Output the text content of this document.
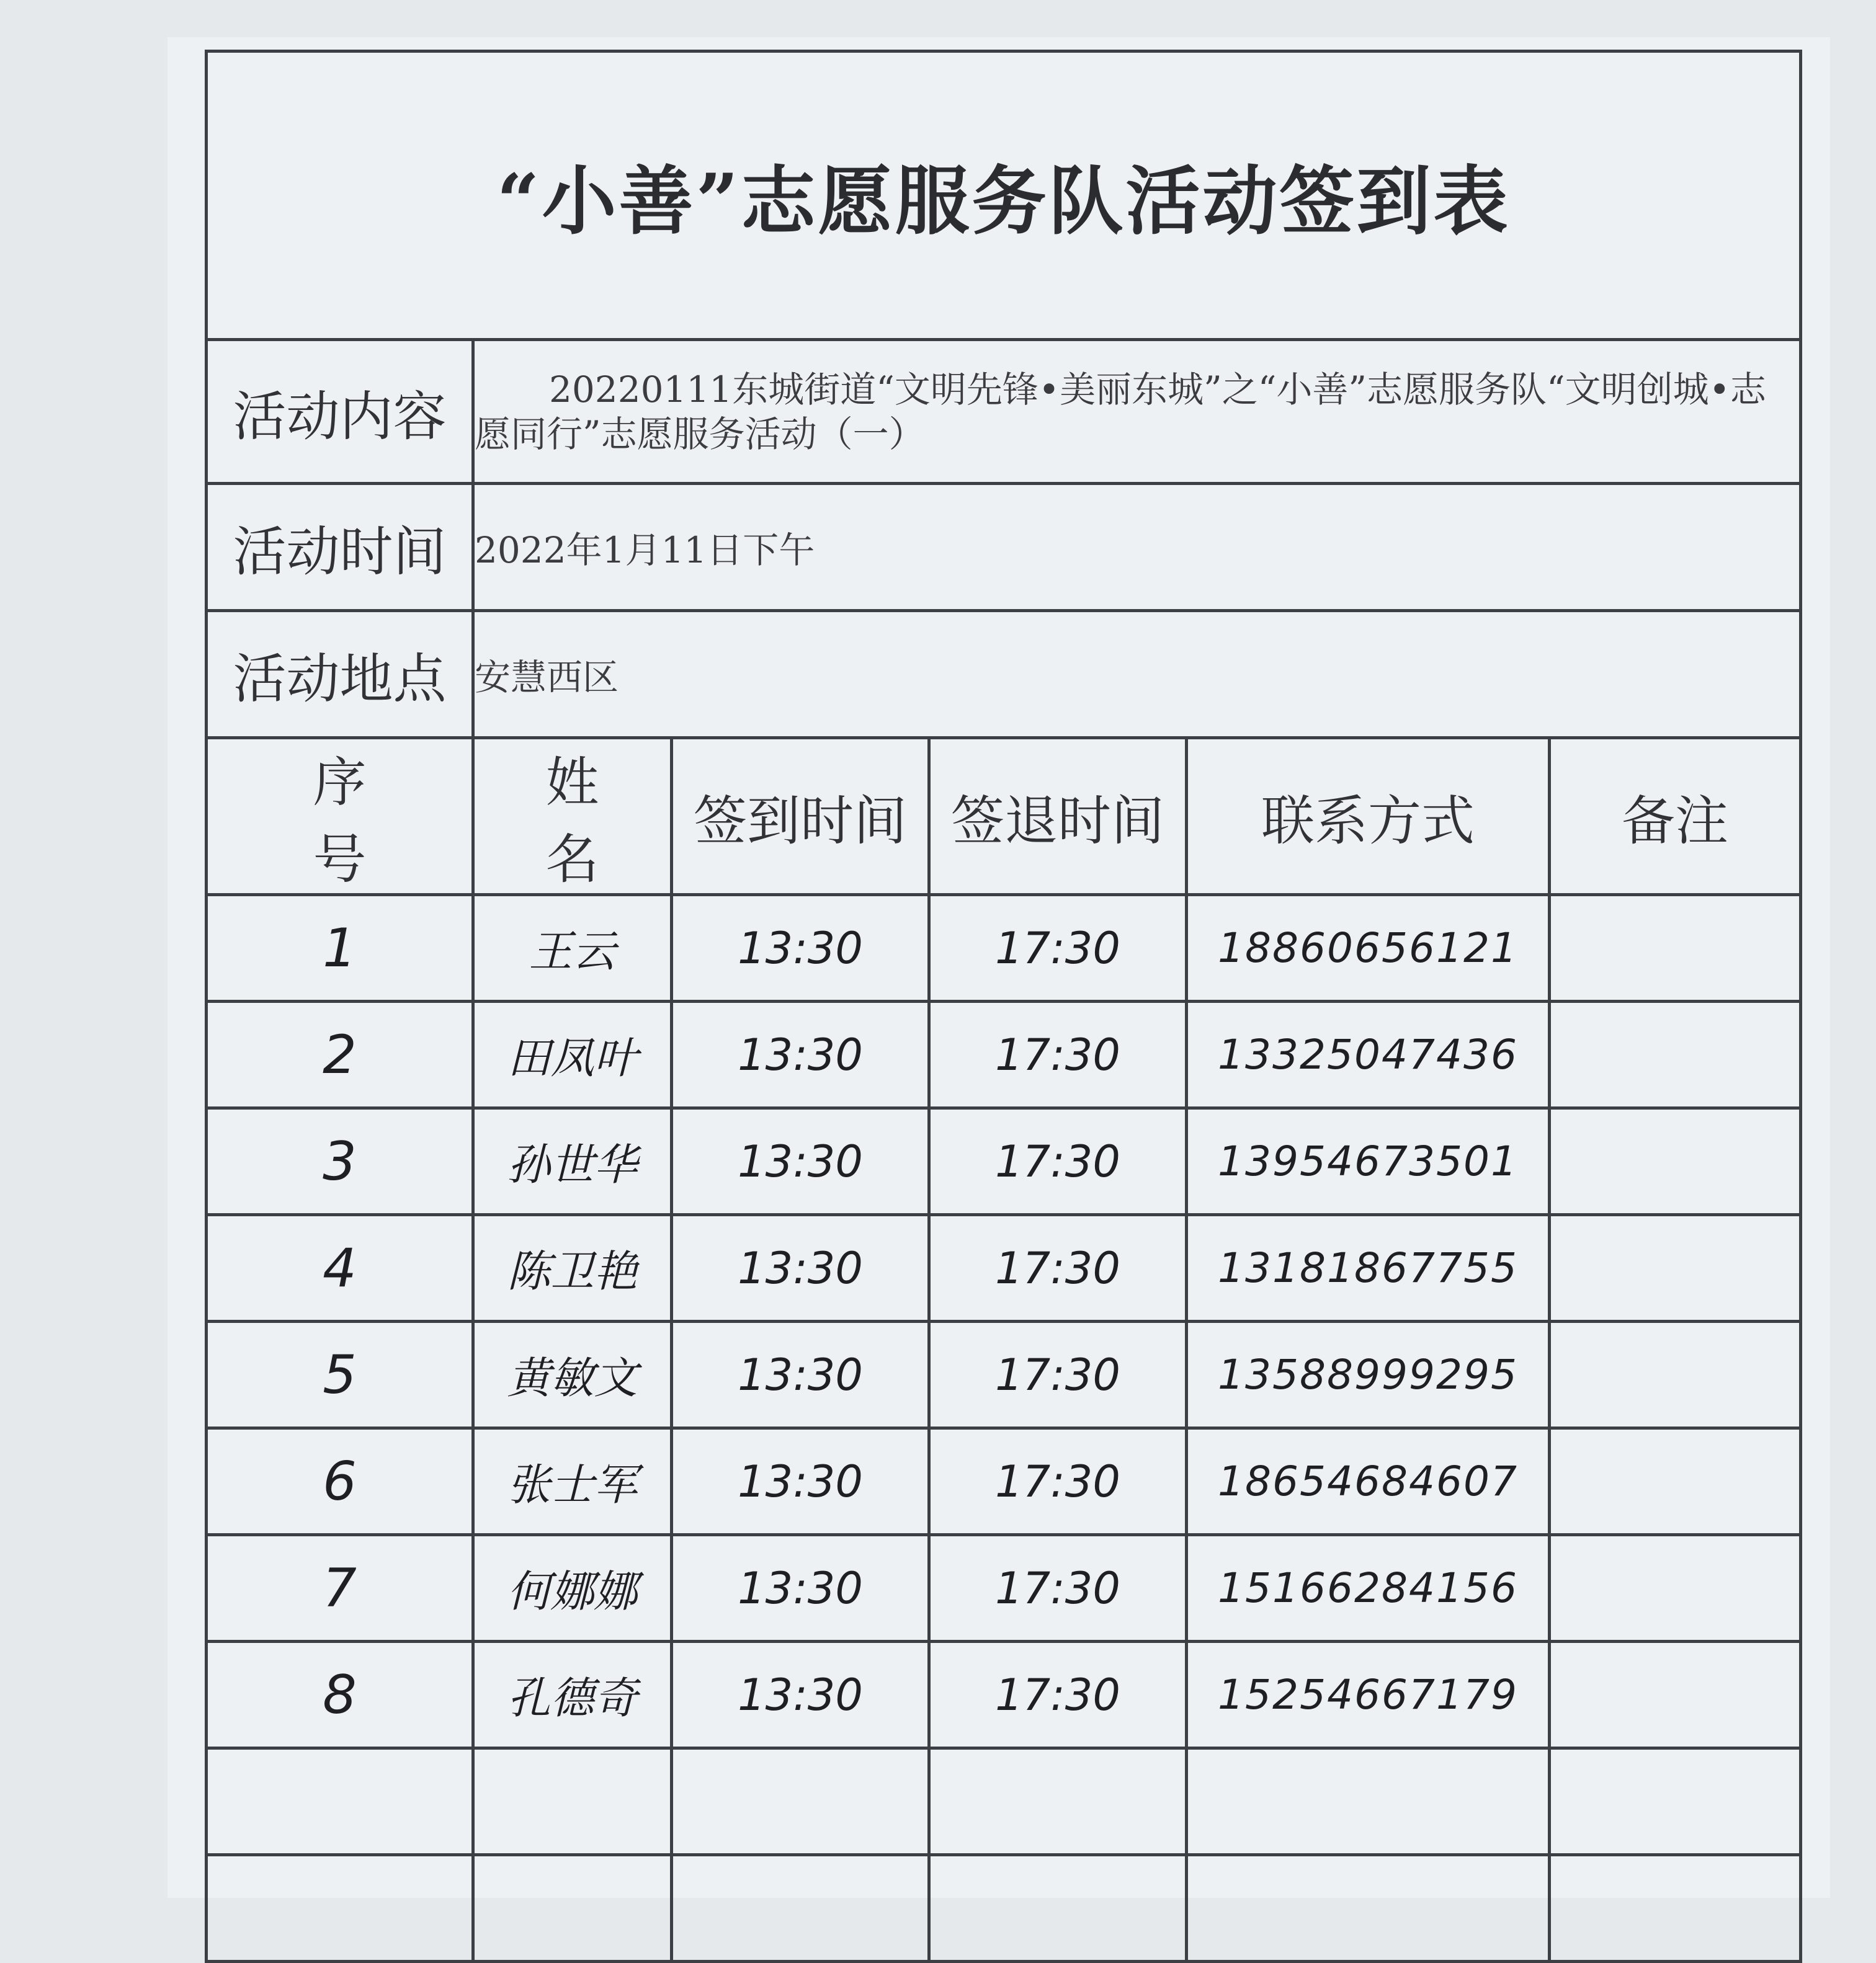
“小善”志愿服务队活动签到表					
活动内容	20220111东城街道“文明先锋•美丽东城”之“小善”志愿服务队“文明创城•志愿同行”志愿服务活动（一）				
活动时间	2022年1月11日下午				
活动地点	安慧西区				
序号	姓名	签到时间	签退时间	联系方式	备注
1	王云	13:30	17:30	18860656121	
2	田凤叶	13:30	17:30	13325047436	
3	孙世华	13:30	17:30	13954673501	
4	陈卫艳	13:30	17:30	13181867755	
5	黄敏文	13:30	17:30	13588999295	
6	张士军	13:30	17:30	18654684607	
7	何娜娜	13:30	17:30	15166284156	
8	孔德奇	13:30	17:30	15254667179	
